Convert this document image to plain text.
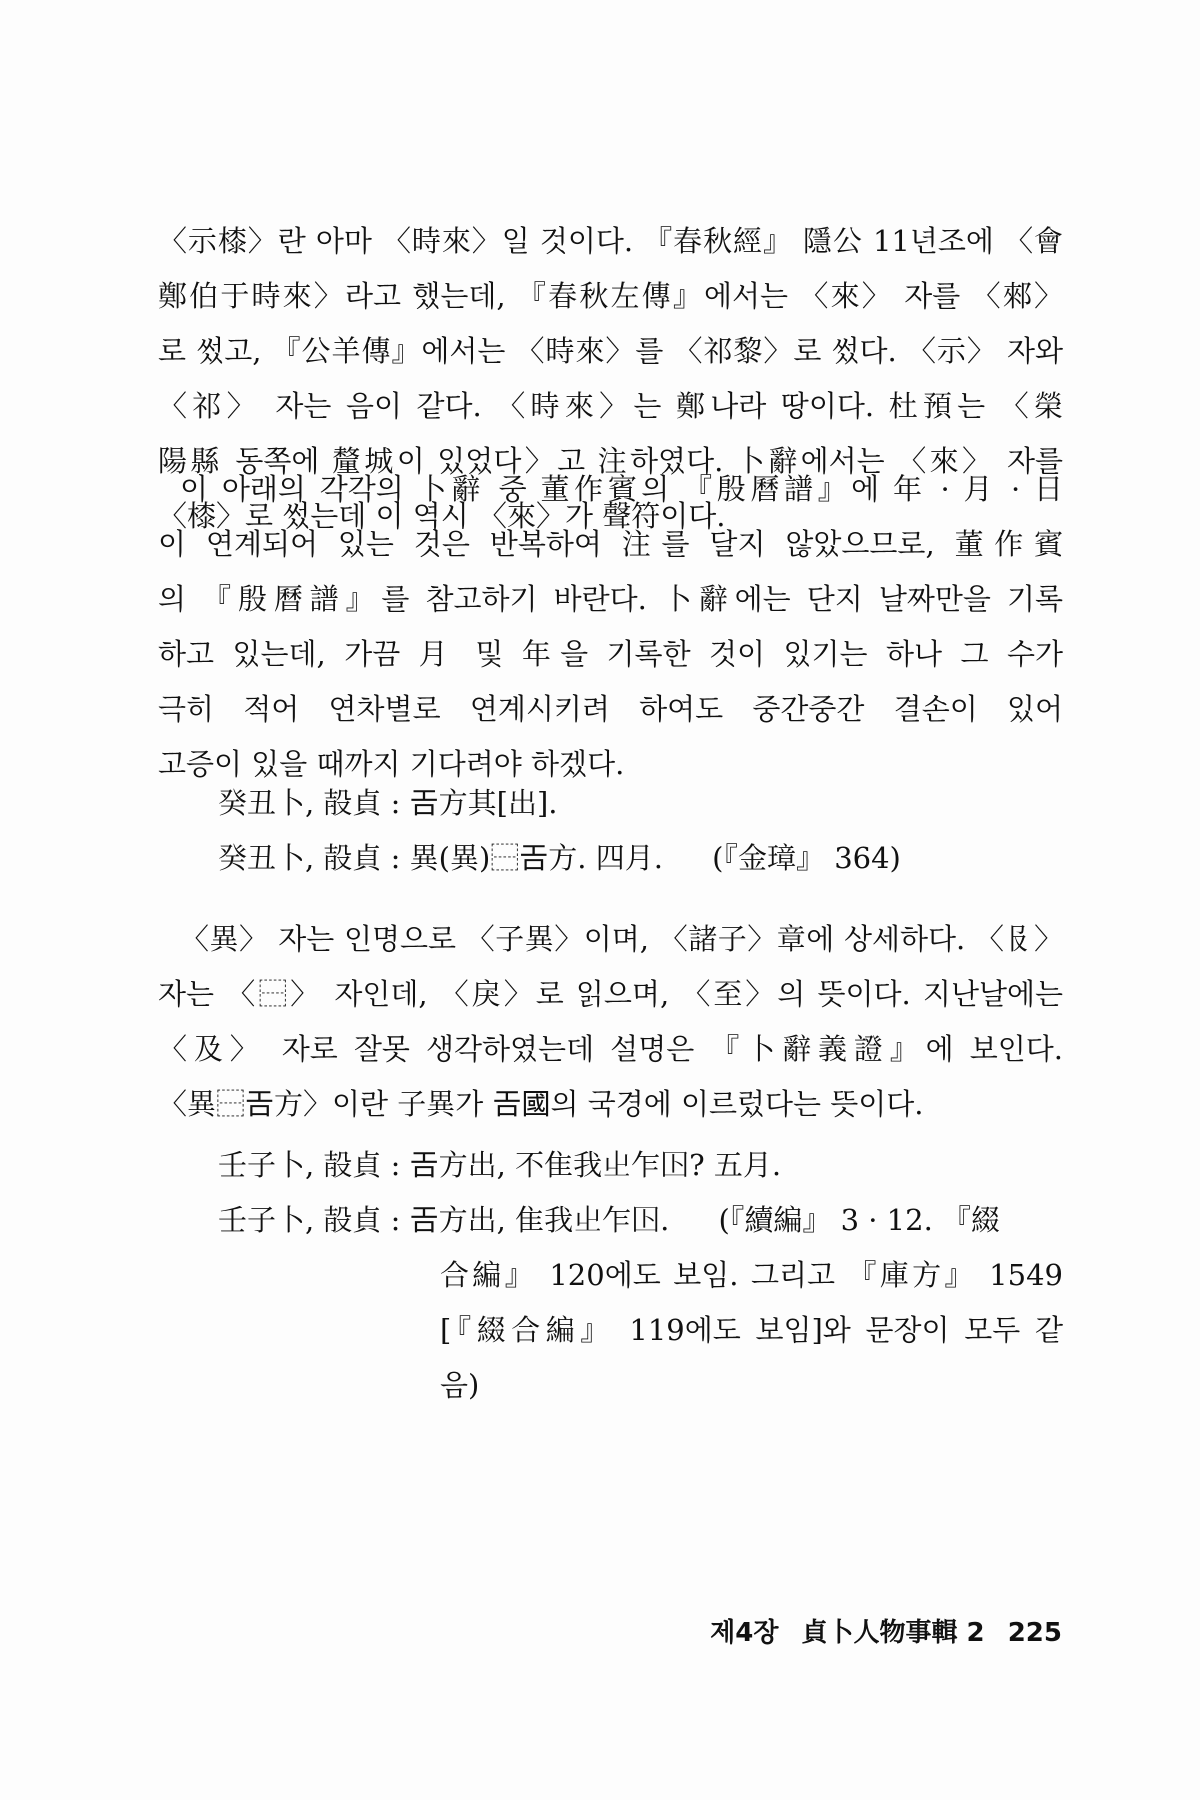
〈示㯃〉란 아마 〈時來〉일 것이다. 『春秋經』 隱公 11년조에 〈會
鄭伯于時來〉라고 했는데, 『春秋左傳』에서는 〈來〉 자를 〈郲〉
로 썼고, 『公羊傳』에서는 〈時來〉를 〈祁黎〉로 썼다. 〈示〉 자와
〈祁〉 자는 음이 같다. 〈時來〉는 鄭나라 땅이다. 杜預는 〈榮
陽縣 동쪽에 釐城이 있었다〉고 注하였다. 卜辭에서는 〈來〉 자를
〈㯃〉로 썼는데 이 역시 〈來〉가 聲符이다.
이 아래의 각각의 卜辭 중 董作賓의 『殷曆譜』에 年 · 月 · 日
이 연계되어 있는 것은 반복하여 注를 달지 않았으므로, 董作賓
의 『殷曆譜』를 참고하기 바란다. 卜辭에는 단지 날짜만을 기록
하고 있는데, 가끔 月 및 年을 기록한 것이 있기는 하나 그 수가
극히 적어 연차별로 연계시키려 하여도 중간중간 결손이 있어
고증이 있을 때까지 기다려야 하겠다.
癸丑卜, 㱿貞 : 𢀛方其[出].
癸丑卜, 㱿貞 : 異(異)⿱𢀛方. 四月. (『金璋』 364)
〈異〉 자는 인명으로 〈子異〉이며, 〈諸子〉章에 상세하다. 〈𠬝〉
자는 〈⿱〉 자인데, 〈戾〉로 읽으며, 〈至〉의 뜻이다. 지난날에는
〈及〉 자로 잘못 생각하였는데 설명은 『卜辭義證』에 보인다.
〈異⿱𢀛方〉이란 子異가 𢀛國의 국경에 이르렀다는 뜻이다.
壬子卜, 㱿貞 : 𢀛方出, 不隹我𡳿乍𡆥? 五月.
壬子卜, 㱿貞 : 𢀛方出, 隹我𡳿乍𡆥. (『續編』 3 · 12. 『綴
合編』 120에도 보임. 그리고 『庫方』 1549
[『綴合編』 119에도 보임]와 문장이 모두 같
음)
제4장 貞卜人物事輯 2 225
